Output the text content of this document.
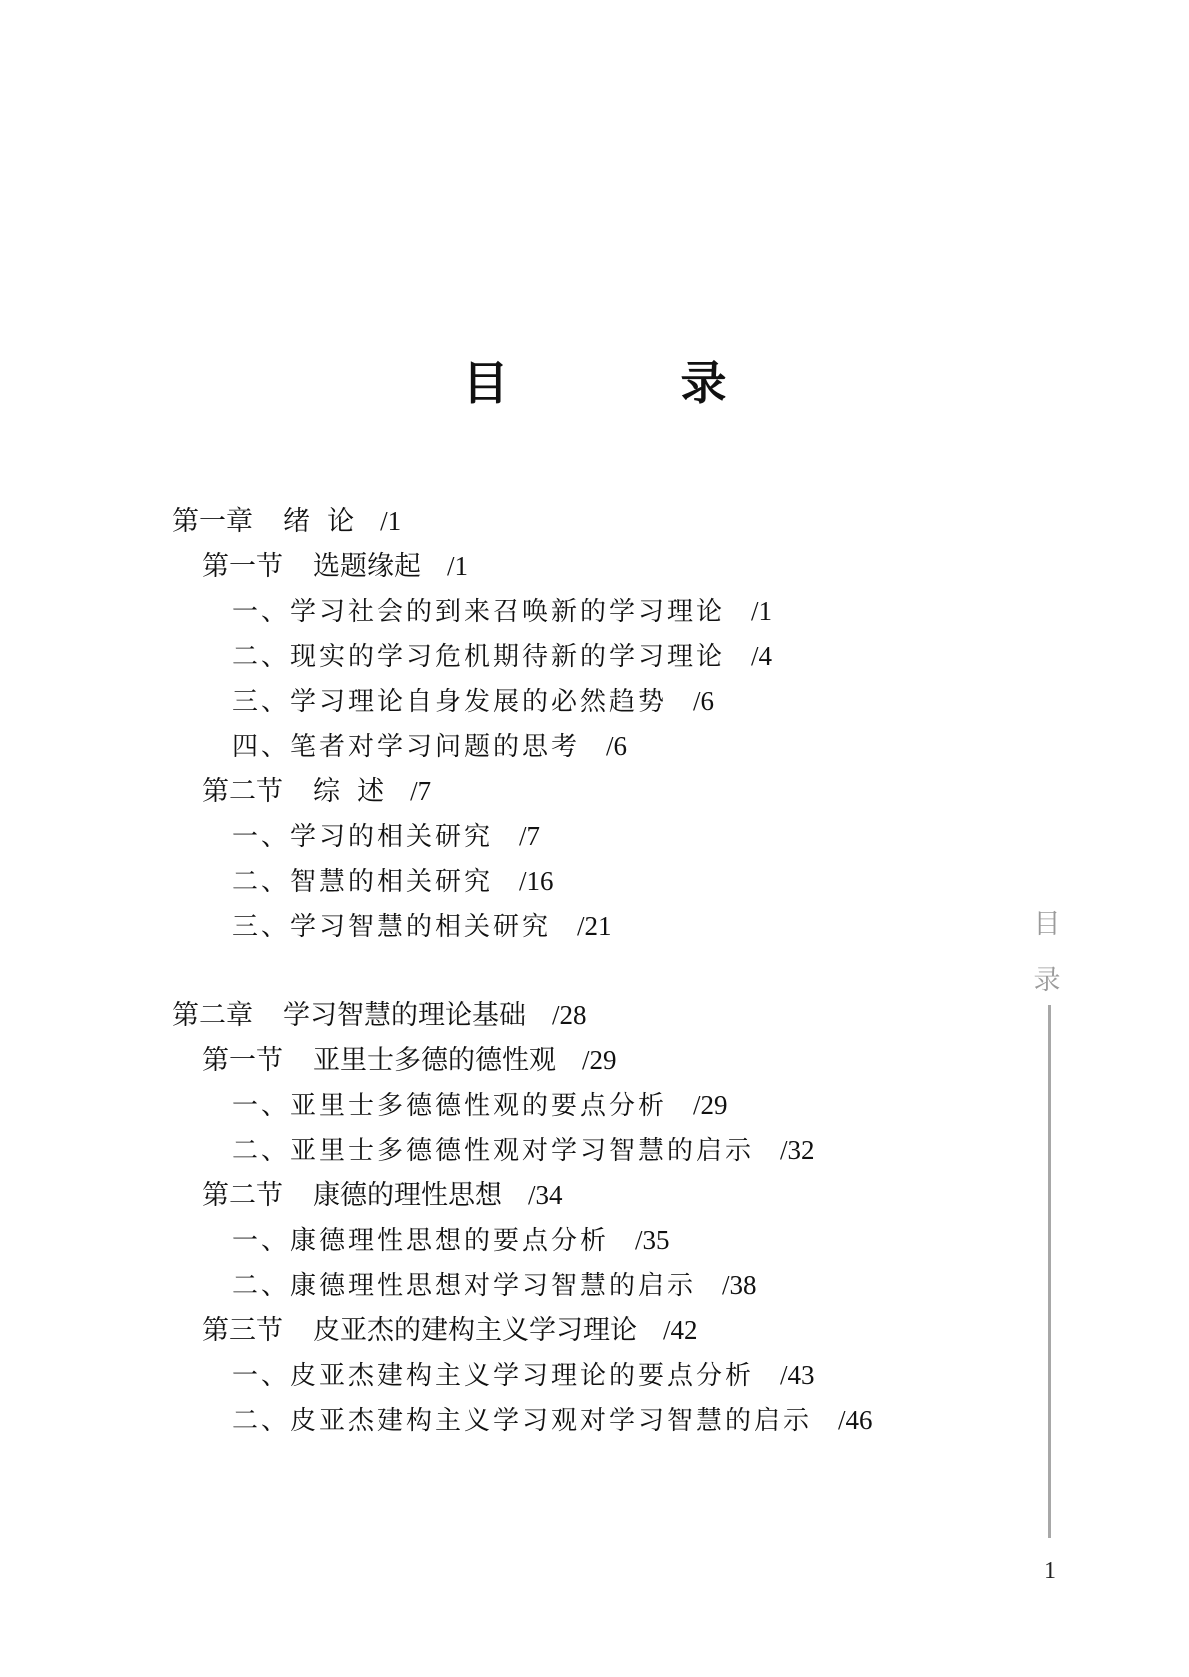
目 录
第一章 绪  论 /1
第一节 选题缘起 /1
一、学习社会的到来召唤新的学习理论 /1
二、现实的学习危机期待新的学习理论 /4
三、学习理论自身发展的必然趋势 /6
四、笔者对学习问题的思考 /6
第二节 综  述 /7
一、学习的相关研究 /7
二、智慧的相关研究 /16
三、学习智慧的相关研究 /21
第二章 学习智慧的理论基础 /28
第一节 亚里士多德的德性观 /29
一、亚里士多德德性观的要点分析 /29
二、亚里士多德德性观对学习智慧的启示 /32
第二节 康德的理性思想 /34
一、康德理性思想的要点分析 /35
二、康德理性思想对学习智慧的启示 /38
第三节 皮亚杰的建构主义学习理论 /42
一、皮亚杰建构主义学习理论的要点分析 /43
二、皮亚杰建构主义学习观对学习智慧的启示 /46
目
录
1
